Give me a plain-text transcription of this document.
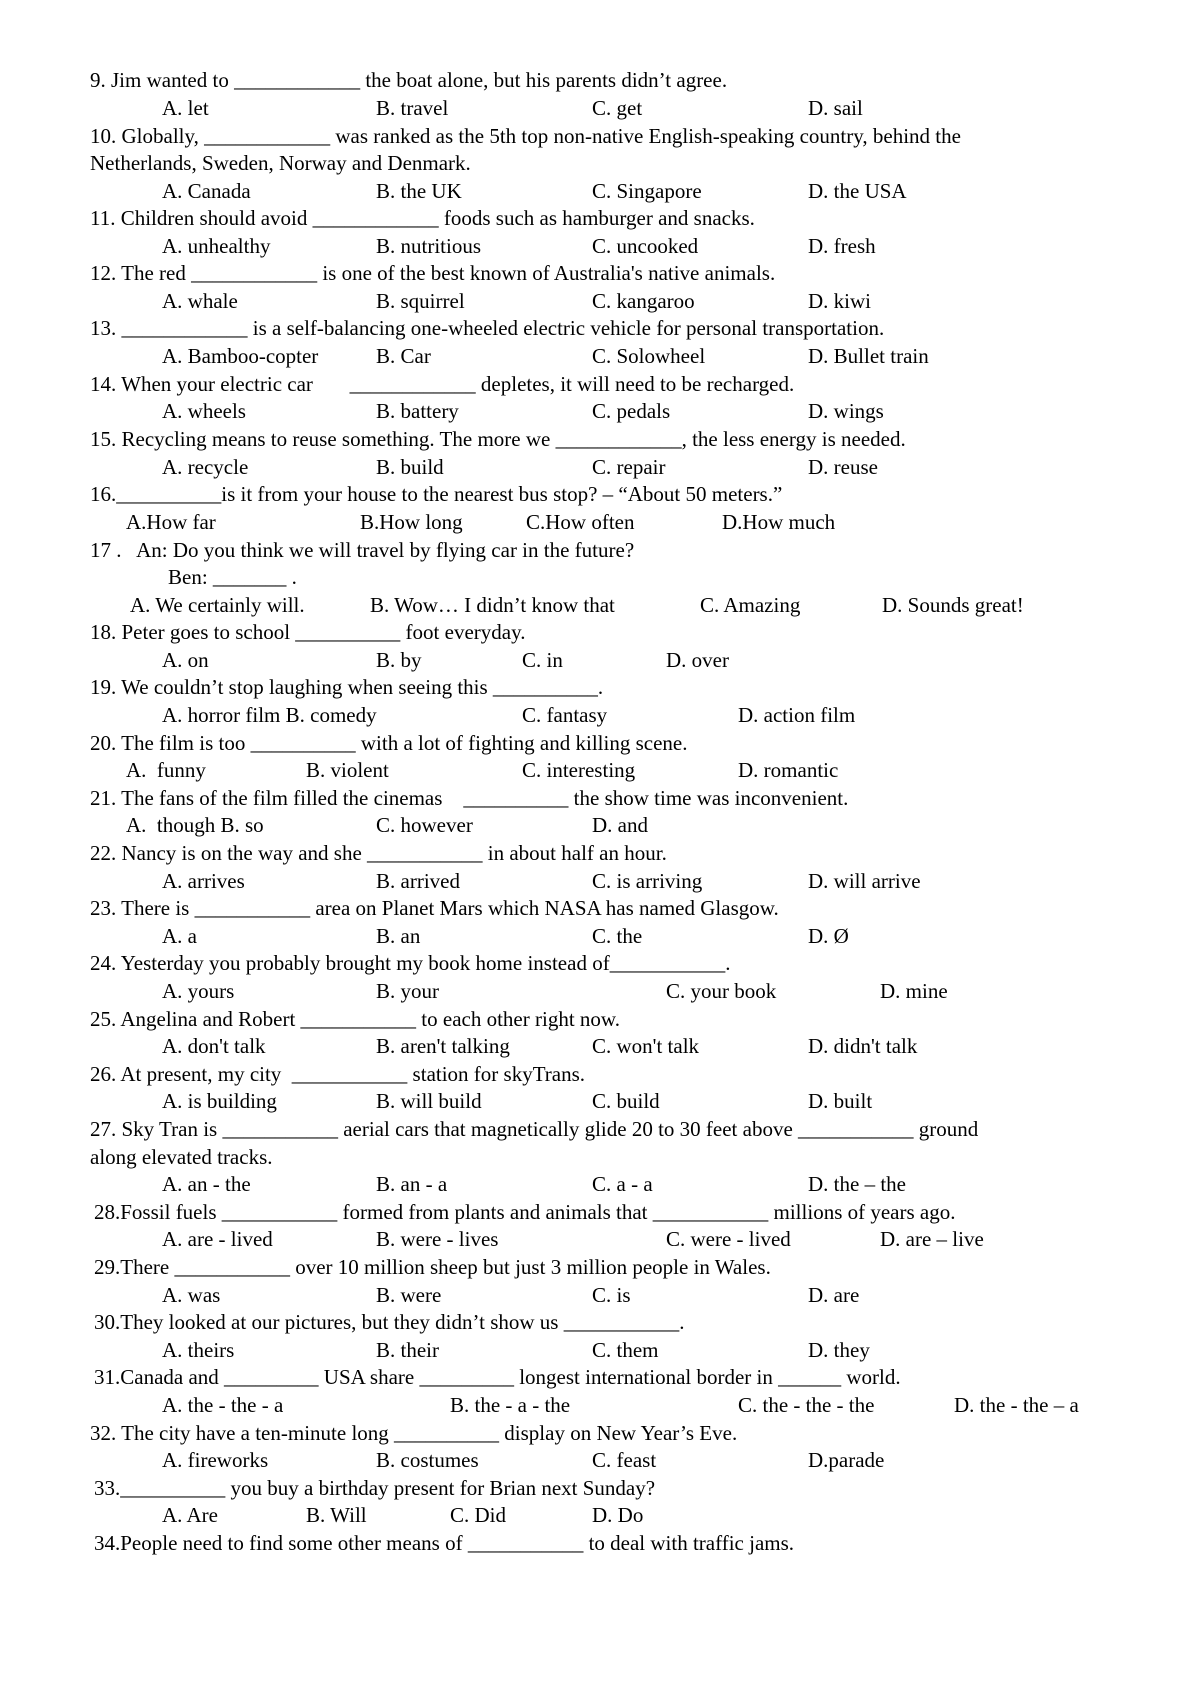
9. Jim wanted to ____________ the boat alone, but his parents didn’t agree.
A. let	B. travel	C. get	D. sail
10. Globally, ____________ was ranked as the 5th top non-native English-speaking country, behind the
Netherlands, Sweden, Norway and Denmark.
A. Canada	B. the UK	C. Singapore	D. the USA
11. Children should avoid ____________ foods such as hamburger and snacks.
A. unhealthy	B. nutritious	C. uncooked	D. fresh
12. The red ____________ is one of the best known of Australia's native animals.
A. whale	B. squirrel	C. kangaroo	D. kiwi
13. ____________ is a self-balancing one-wheeled electric vehicle for personal transportation.
A. Bamboo-copter	B. Car	C. Solowheel	D. Bullet train
14. When your electric car       ____________ depletes, it will need to be recharged.
A. wheels	B. battery	C. pedals	D. wings
15. Recycling means to reuse something. The more we ____________, the less energy is needed.
A. recycle	B. build	C. repair	D. reuse
16.__________is it from your house to the nearest bus stop? – “About 50 meters.”
A.How far	B.How long	C.How often	D.How much
17 .   An: Do you think we will travel by flying car in the future?
Ben: _______ .
A. We certainly will.	B. Wow… I didn’t know that	C. Amazing	D. Sounds great!
18. Peter goes to school __________ foot everyday.
A. on	B. by	C. in	D. over
19. We couldn’t stop laughing when seeing this __________.
A. horror film B. comedy	C. fantasy	D. action film
20. The film is too __________ with a lot of fighting and killing scene.
A.  funny	B. violent	C. interesting	D. romantic
21. The fans of the film filled the cinemas    __________ the show time was inconvenient.
A.  though B. so	C. however	D. and
22. Nancy is on the way and she ___________ in about half an hour.
A. arrives	B. arrived	C. is arriving	D. will arrive
23. There is ___________ area on Planet Mars which NASA has named Glasgow.
A. a	B. an	C. the	D. Ø
24. Yesterday you probably brought my book home instead of___________.
A. yours	B. your	C. your book	D. mine
25. Angelina and Robert ___________ to each other right now.
A. don't talk	B. aren't talking	C. won't talk	D. didn't talk
26. At present, my city  ___________ station for skyTrans.
A. is building	B. will build	C. build	D. built
27. Sky Tran is ___________ aerial cars that magnetically glide 20 to 30 feet above ___________ ground
along elevated tracks.
A. an - the	B. an - a	C. a - a	D. the – the
28.Fossil fuels ___________ formed from plants and animals that ___________ millions of years ago.
A. are - lived	B. were - lives	C. were - lived	D. are – live
29.There ___________ over 10 million sheep but just 3 million people in Wales.
A. was	B. were	C. is	D. are
30.They looked at our pictures, but they didn’t show us ___________.
A. theirs	B. their	C. them	D. they
31.Canada and _________ USA share _________ longest international border in ______ world.
A. the - the - a	B. the - a - the	C. the - the - the	D. the - the – a
32. The city have a ten-minute long __________ display on New Year’s Eve.
A. fireworks	B. costumes	C. feast	D.parade
33.__________ you buy a birthday present for Brian next Sunday?
A. Are	B. Will	C. Did	D. Do
34.People need to find some other means of ___________ to deal with traffic jams.
